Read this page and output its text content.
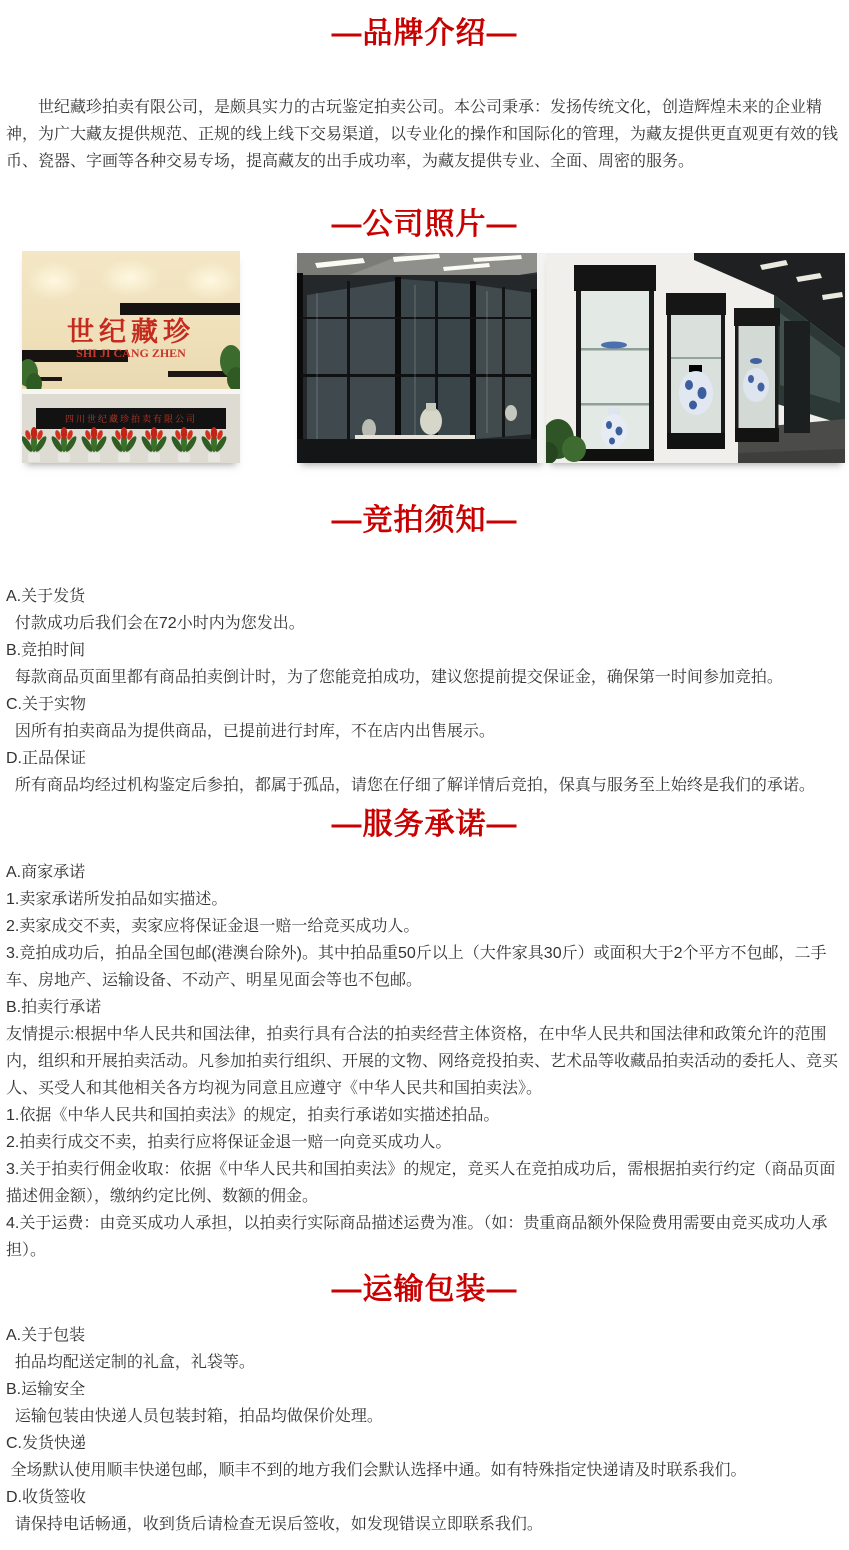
—品牌介绍—
　　世纪藏珍拍卖有限公司，是颇具实力的古玩鉴定拍卖公司。本公司秉承：发扬传统文化，创造辉煌未来的企业精神，为广大藏友提供规范、正规的线上线下交易渠道，以专业化的操作和国际化的管理，为藏友提供更直观更有效的钱币、瓷器、字画等各种交易专场，提高藏友的出手成功率，为藏友提供专业、全面、周密的服务。
—公司照片—
世纪藏珍
SHI JI CANG ZHEN
四川世纪藏珍拍卖有限公司
—竞拍须知—
A.关于发货
付款成功后我们会在72小时内为您发出。
B.竞拍时间
每款商品页面里都有商品拍卖倒计时，为了您能竞拍成功，建议您提前提交保证金，确保第一时间参加竞拍。
C.关于实物
因所有拍卖商品为提供商品，已提前进行封库，不在店内出售展示。
D.正品保证
所有商品均经过机构鉴定后参拍，都属于孤品，请您在仔细了解详情后竞拍，保真与服务至上始终是我们的承诺。
—服务承诺—
A.商家承诺
1.卖家承诺所发拍品如实描述。
2.卖家成交不卖，卖家应将保证金退一赔一给竞买成功人。
3.竞拍成功后，拍品全国包邮(港澳台除外)。其中拍品重50斤以上（大件家具30斤）或面积大于2个平方不包邮，二手车、房地产、运输设备、不动产、明星见面会等也不包邮。
B.拍卖行承诺
友情提示:根据中华人民共和国法律，拍卖行具有合法的拍卖经营主体资格，在中华人民共和国法律和政策允许的范围内，组织和开展拍卖活动。凡参加拍卖行组织、开展的文物、网络竞投拍卖、艺术品等收藏品拍卖活动的委托人、竞买人、买受人和其他相关各方均视为同意且应遵守《中华人民共和国拍卖法》。
1.依据《中华人民共和国拍卖法》的规定，拍卖行承诺如实描述拍品。
2.拍卖行成交不卖，拍卖行应将保证金退一赔一向竞买成功人。
3.关于拍卖行佣金收取：依据《中华人民共和国拍卖法》的规定，竞买人在竞拍成功后，需根据拍卖行约定（商品页面描述佣金额），缴纳约定比例、数额的佣金。
4.关于运费：由竞买成功人承担，以拍卖行实际商品描述运费为准。（如：贵重商品额外保险费用需要由竞买成功人承担）。
—运输包装—
A.关于包装
拍品均配送定制的礼盒，礼袋等。
B.运输安全
运输包装由快递人员包装封箱，拍品均做保价处理。
C.发货快递
全场默认使用顺丰快递包邮，顺丰不到的地方我们会默认选择中通。如有特殊指定快递请及时联系我们。
D.收货签收
请保持电话畅通，收到货后请检查无误后签收，如发现错误立即联系我们。
